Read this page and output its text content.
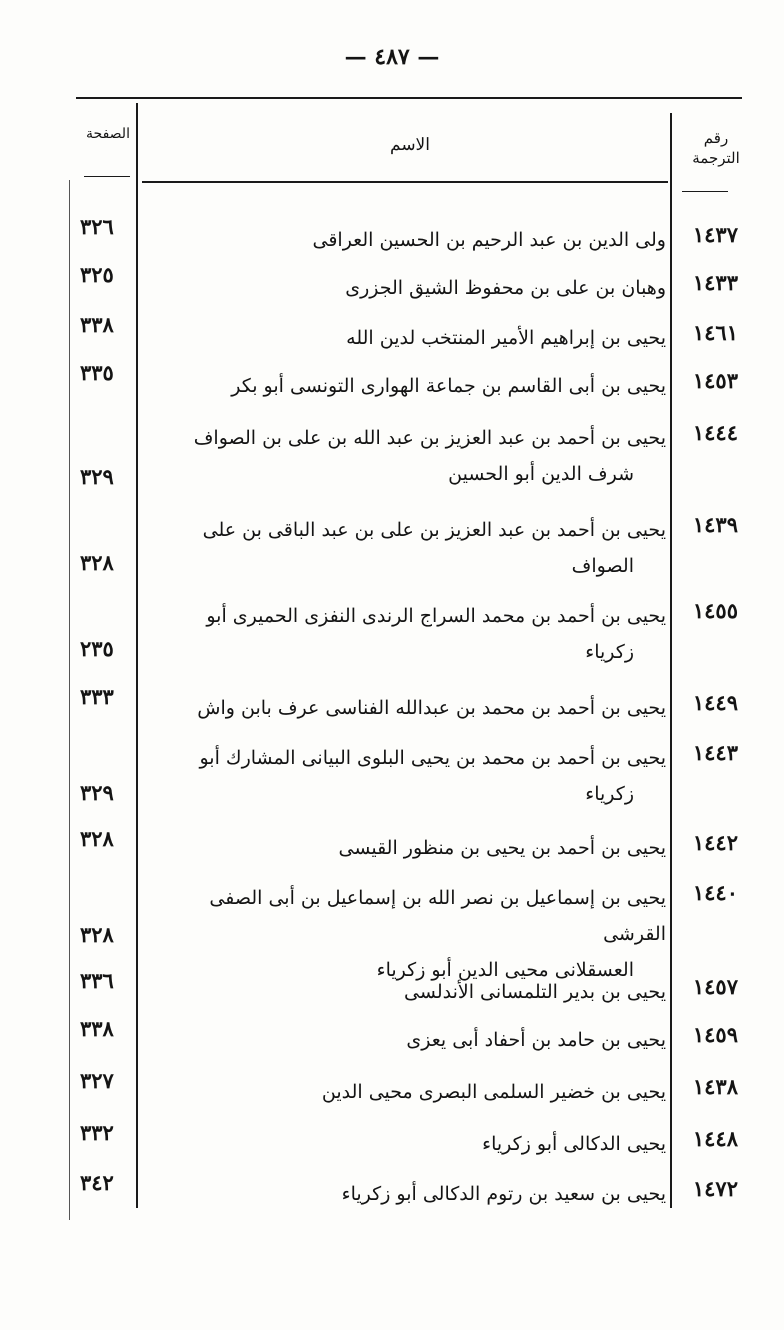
— ٤٨٧ —
رقم
الترجمة
الاسم
الصفحة
١٤٣٧
ولى الدين بن عبد الرحيم بن الحسين العراقى
٣٢٦
١٤٣٣
وهبان بن على بن محفوظ الشيق الجزرى
٣٢٥
١٤٦١
يحيى بن إبراهيم الأمير المنتخب لدين الله
٣٣٨
١٤٥٣
يحيى بن أبى القاسم بن جماعة الهوارى التونسى أبو بكر
٣٣٥
١٤٤٤
يحيى بن أحمد بن عبد العزيز بن عبد الله بن على بن الصواف
شرف الدين أبو الحسين
٣٢٩
١٤٣٩
يحيى بن أحمد بن عبد العزيز بن على بن عبد الباقى بن على
الصواف
٣٢٨
١٤٥٥
يحيى بن أحمد بن محمد السراج الرندى النفزى الحميرى أبو
زكرياء
٢٣٥
١٤٤٩
يحيى بن أحمد بن محمد بن عبدالله الفناسى عرف بابن واش
٣٣٣
١٤٤٣
يحيى بن أحمد بن محمد بن يحيى البلوى البيانى المشارك أبو
زكرياء
٣٢٩
١٤٤٢
يحيى بن أحمد بن يحيى بن منظور القيسى
٣٢٨
١٤٤٠
يحيى بن إسماعيل بن نصر الله بن إسماعيل بن أبى الصفى القرشى
العسقلانى محيى الدين أبو زكرياء
٣٢٨
١٤٥٧
يحيى بن بدير التلمسانى الأندلسى
٣٣٦
١٤٥٩
يحيى بن حامد بن أحفاد أبى يعزى
٣٣٨
١٤٣٨
يحيى بن خضير السلمى البصرى محيى الدين
٣٢٧
١٤٤٨
يحيى الدكالى أبو زكرياء
٣٣٢
١٤٧٢
يحيى بن سعيد بن رتوم الدكالى أبو زكرياء
٣٤٢
